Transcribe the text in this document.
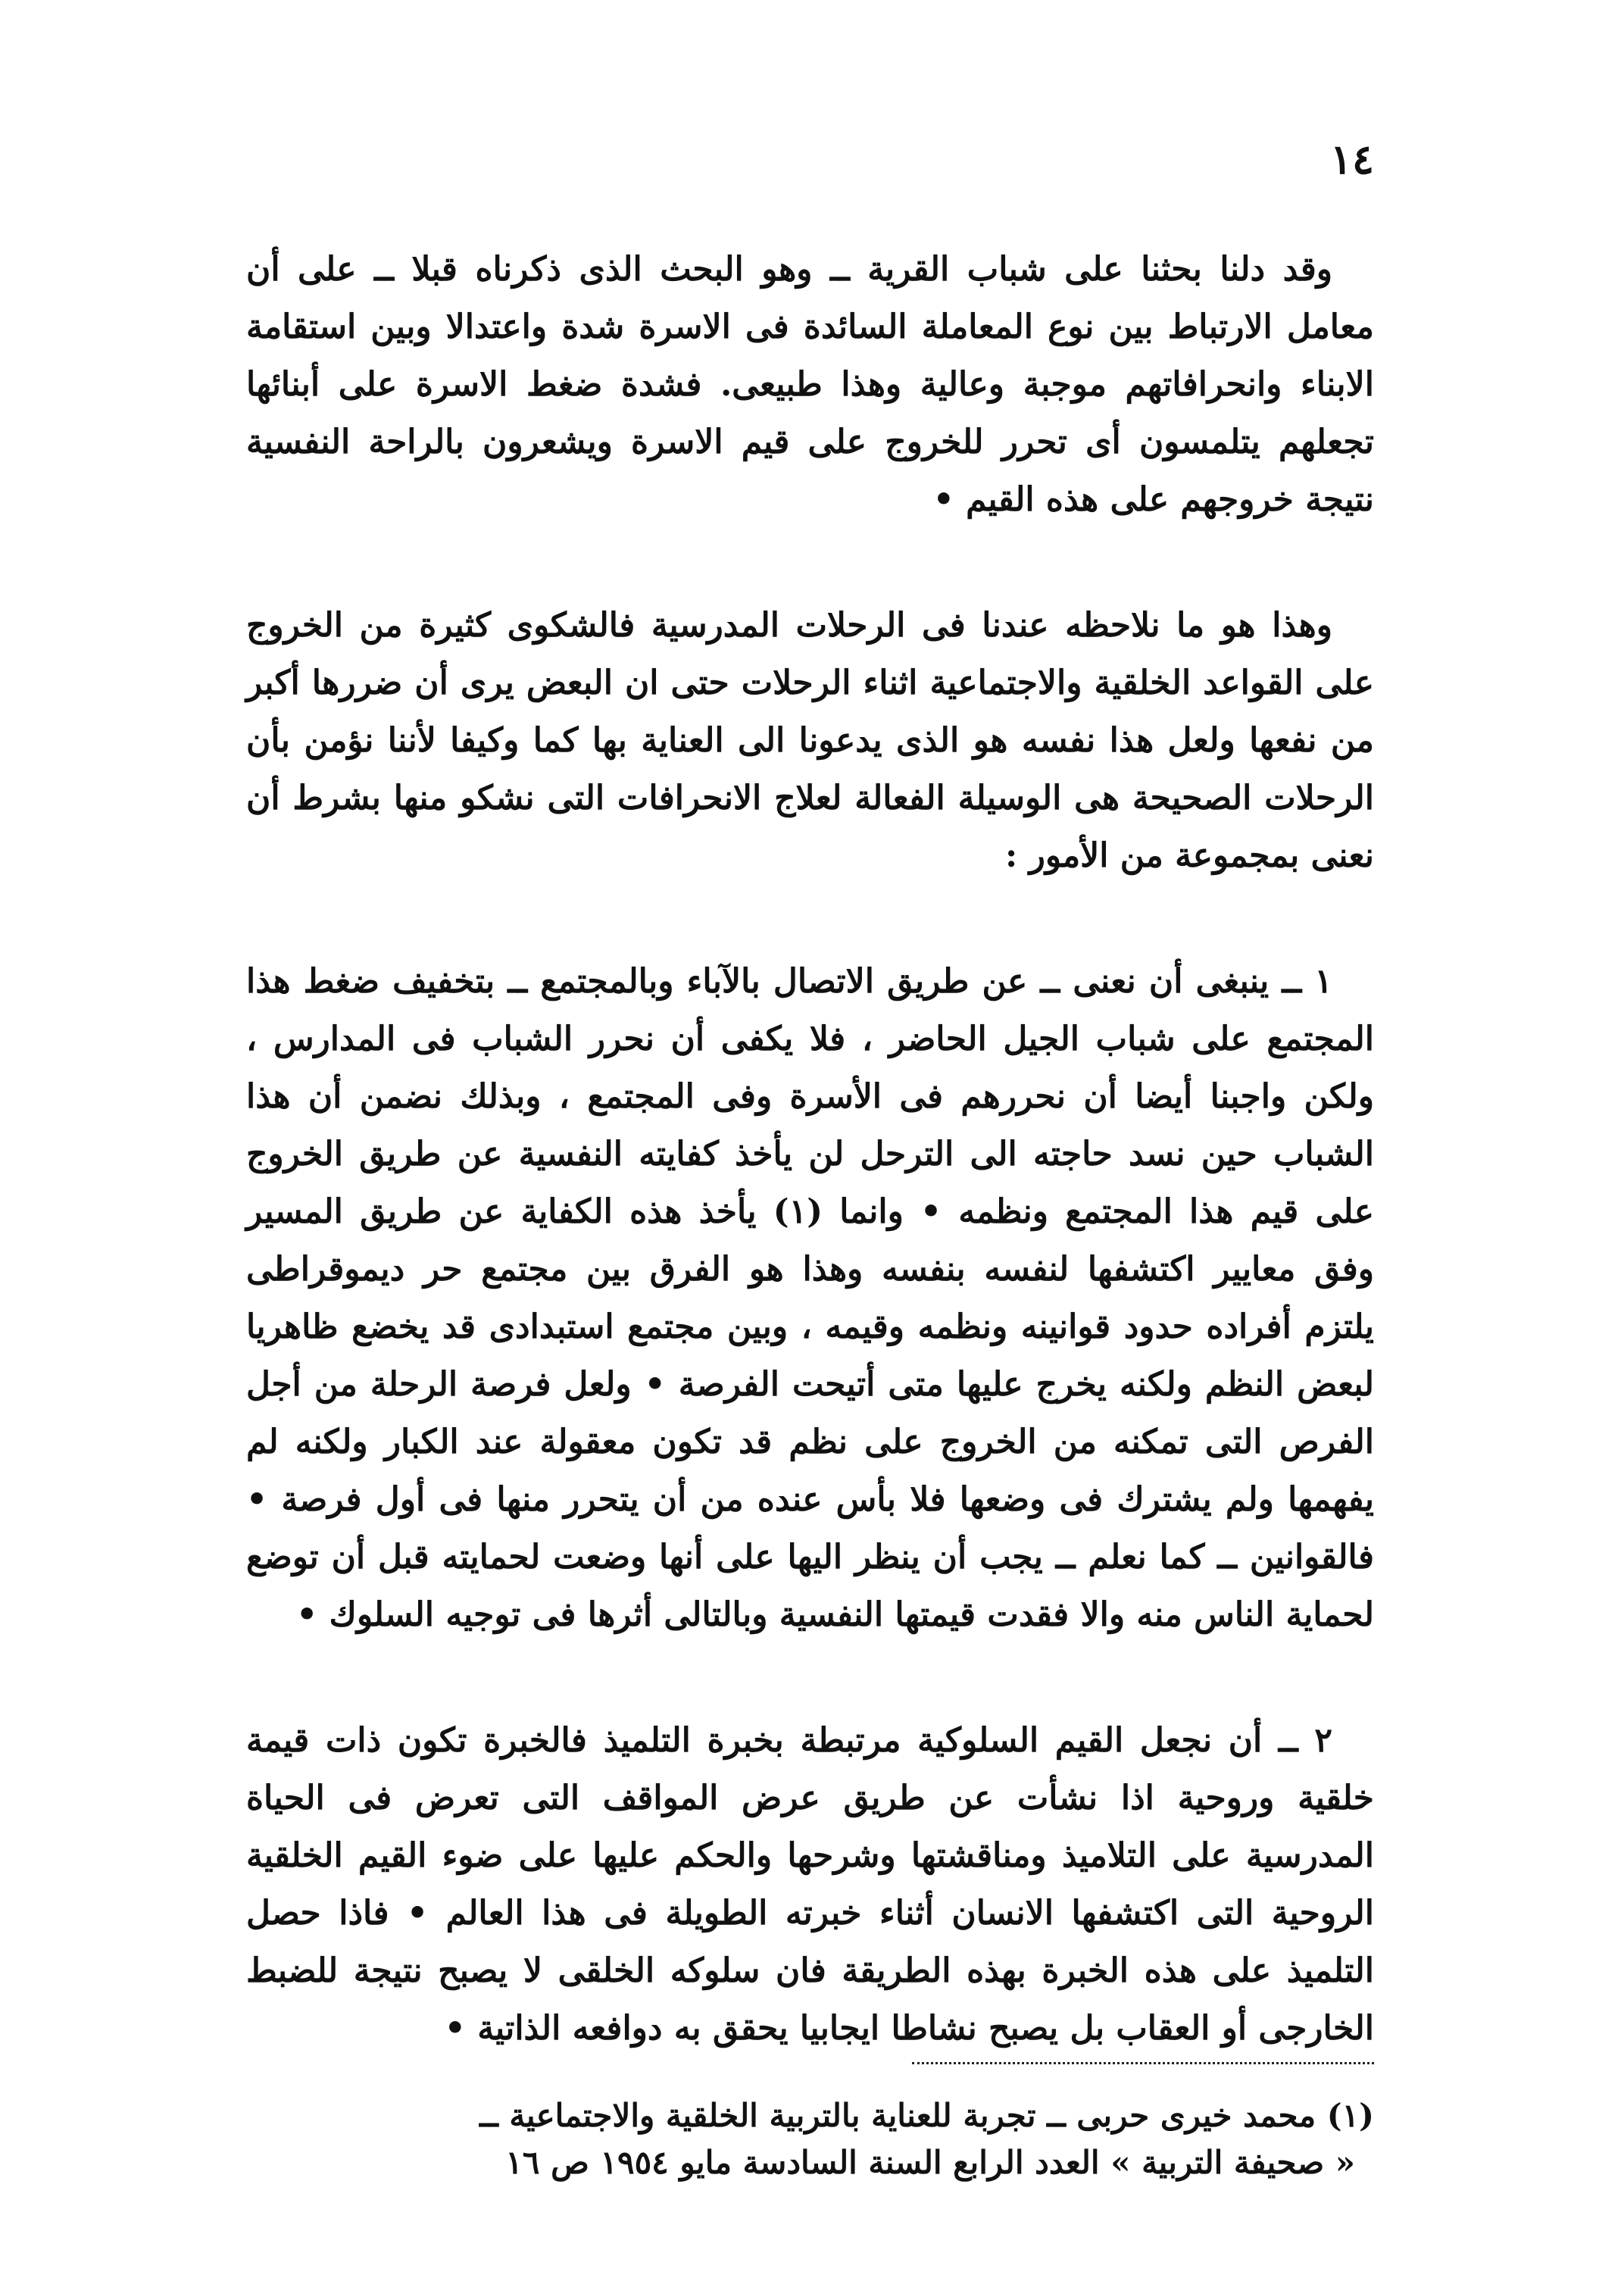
١٤

وقد دلنا بحثنا على شباب القرية ــ وهو البحث الذى ذكرناه قبلا ــ على أن معامل الارتباط بين نوع المعاملة السائدة فى الاسرة شدة واعتدالا وبين استقامة الابناء وانحرافاتهم موجبة وعالية وهذا طبيعى. فشدة ضغط الاسرة على أبنائها تجعلهم يتلمسون أى تحرر للخروج على قيم الاسرة ويشعرون بالراحة النفسية نتيجة خروجهم على هذه القيم •

وهذا هو ما نلاحظه عندنا فى الرحلات المدرسية فالشكوى كثيرة من الخروج على القواعد الخلقية والاجتماعية اثناء الرحلات حتى ان البعض يرى أن ضررها أكبر من نفعها ولعل هذا نفسه هو الذى يدعونا الى العناية بها كما وكيفا لأننا نؤمن بأن الرحلات الصحيحة هى الوسيلة الفعالة لعلاج الانحرافات التى نشكو منها بشرط أن نعنى بمجموعة من الأمور :

١ ــ ينبغى أن نعنى ــ عن طريق الاتصال بالآباء وبالمجتمع ــ بتخفيف ضغط هذا المجتمع على شباب الجيل الحاضر ، فلا يكفى أن نحرر الشباب فى المدارس ، ولكن واجبنا أيضا أن نحررهم فى الأسرة وفى المجتمع ، وبذلك نضمن أن هذا الشباب حين نسد حاجته الى الترحل لن يأخذ كفايته النفسية عن طريق الخروج على قيم هذا المجتمع ونظمه • وانما (١) يأخذ هذه الكفاية عن طريق المسير وفق معايير اكتشفها لنفسه بنفسه وهذا هو الفرق بين مجتمع حر ديموقراطى يلتزم أفراده حدود قوانينه ونظمه وقيمه ، وبين مجتمع استبدادى قد يخضع ظاهريا لبعض النظم ولكنه يخرج عليها متى أتيحت الفرصة • ولعل فرصة الرحلة من أجل الفرص التى تمكنه من الخروج على نظم قد تكون معقولة عند الكبار ولكنه لم يفهمها ولم يشترك فى وضعها فلا بأس عنده من أن يتحرر منها فى أول فرصة • فالقوانين ــ كما نعلم ــ يجب أن ينظر اليها على أنها وضعت لحمايته قبل أن توضع لحماية الناس منه والا فقدت قيمتها النفسية وبالتالى أثرها فى توجيه السلوك •

٢ ــ أن نجعل القيم السلوكية مرتبطة بخبرة التلميذ فالخبرة تكون ذات قيمة خلقية وروحية اذا نشأت عن طريق عرض المواقف التى تعرض فى الحياة المدرسية على التلاميذ ومناقشتها وشرحها والحكم عليها على ضوء القيم الخلقية الروحية التى اكتشفها الانسان أثناء خبرته الطويلة فى هذا العالم • فاذا حصل التلميذ على هذه الخبرة بهذه الطريقة فان سلوكه الخلقى لا يصبح نتيجة للضبط الخارجى أو العقاب بل يصبح نشاطا ايجابيا يحقق به دوافعه الذاتية •

(١) محمد خيرى حربى ــ تجربة للعناية بالتربية الخلقية والاجتماعية ــ
« صحيفة التربية » العدد الرابع السنة السادسة مايو ١٩٥٤ ص ١٦
